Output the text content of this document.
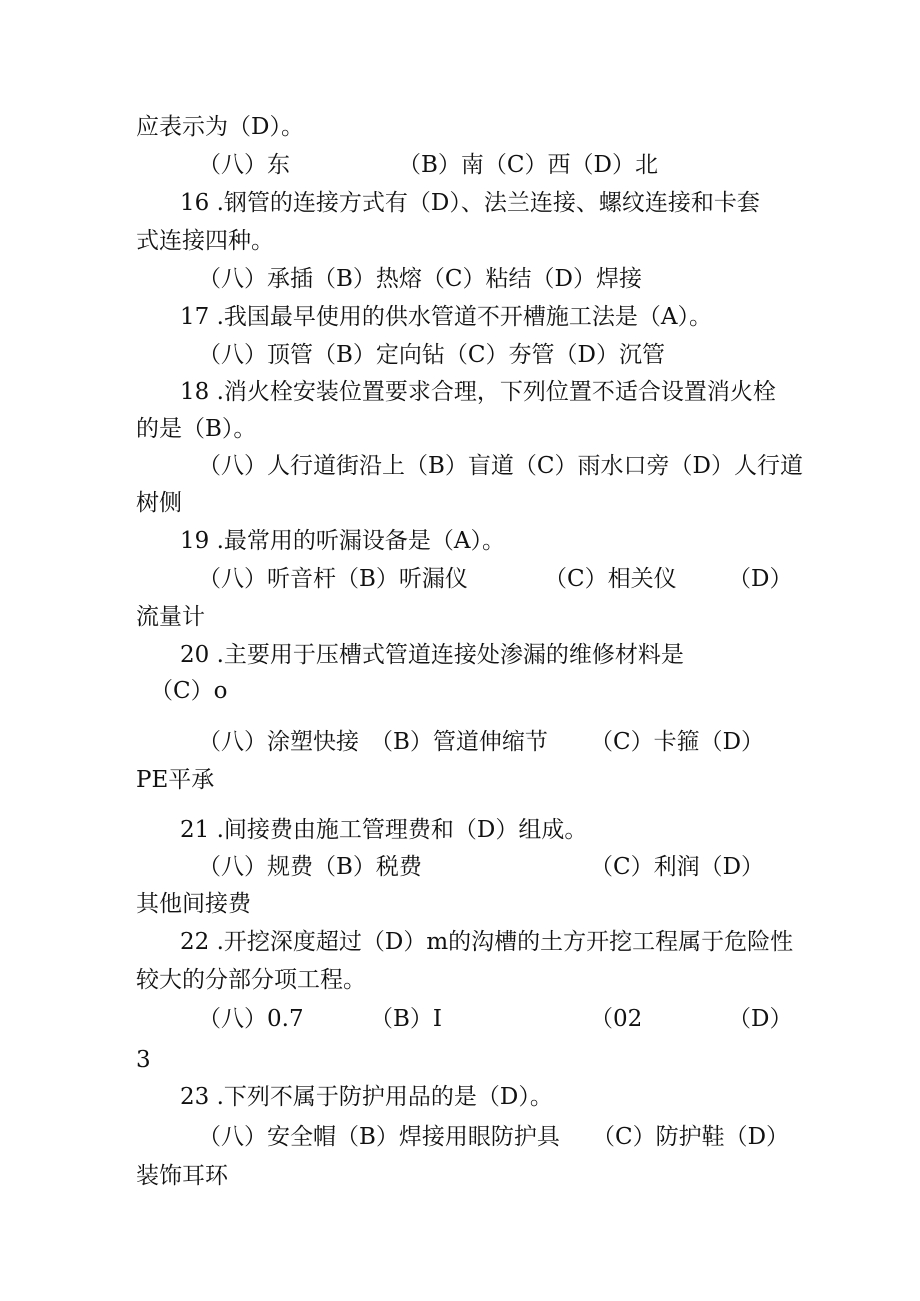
应表示为（D）。
（八）东	（B）南（C）西（D）北
16 .钢管的连接方式有（D）、法兰连接、螺纹连接和卡套
式连接四种。
（八）承插（B）热熔（C）粘结（D）焊接
17 .我国最早使用的供水管道不开槽施工法是（A）。
（八）顶管（B）定向钻（C）夯管（D）沉管
18 .消火栓安装位置要求合理，下列位置不适合设置消火栓
的是（B）。
（八）人行道街沿上（B）盲道（C）雨水口旁（D）人行道
树侧
19 .最常用的听漏设备是（A）。
（八）听音杆（B）听漏仪	（C）相关仪 （D）
流量计
20 .主要用于压槽式管道连接处渗漏的维修材料是
（C）o
（八）涂塑快接 （B）管道伸缩节 （C）卡箍（D）
PE平承
21 .间接费由施工管理费和（D）组成。
（八）规费（B）税费	（C）利润（D）
其他间接费
22 .开挖深度超过（D）m的沟槽的土方开挖工程属于危险性
较大的分部分项工程。
（八）0.7	（B）I	（02	（D）
3
23 .下列不属于防护用品的是（D）。
（八）安全帽（B）焊接用眼防护具 （C）防护鞋（D）
装饰耳环
